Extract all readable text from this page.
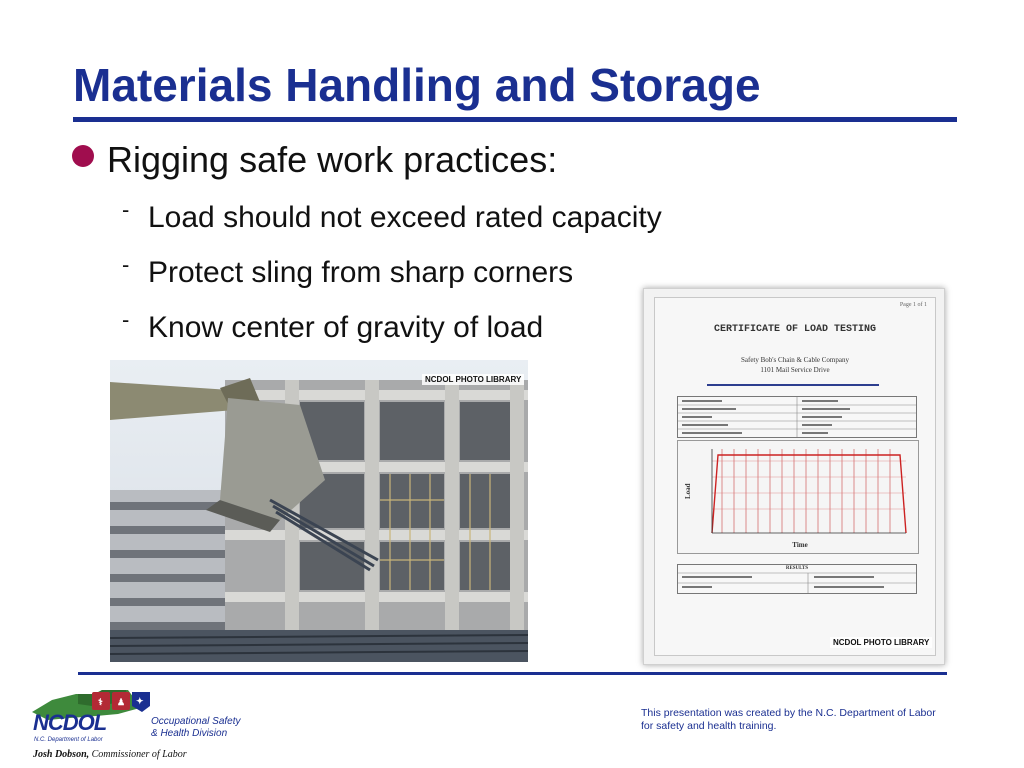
Materials Handling and Storage
Rigging safe work practices:
- Load should not exceed rated capacity
- Protect sling from sharp corners
- Know center of gravity of load
NCDOL PHOTO LIBRARY
Page 1 of 1
CERTIFICATE OF LOAD TESTING
Safety Bob's Chain & Cable Company
1101 Mail Service Drive
Load
Time
RESULTS
NCDOL PHOTO LIBRARY
⚕ ♟ ✦
NCDOL
N.C. Department of Labor
Occupational Safety
& Health Division
Josh Dobson, Commissioner of Labor
This presentation was created by the N.C. Department of Labor for safety and health training.
